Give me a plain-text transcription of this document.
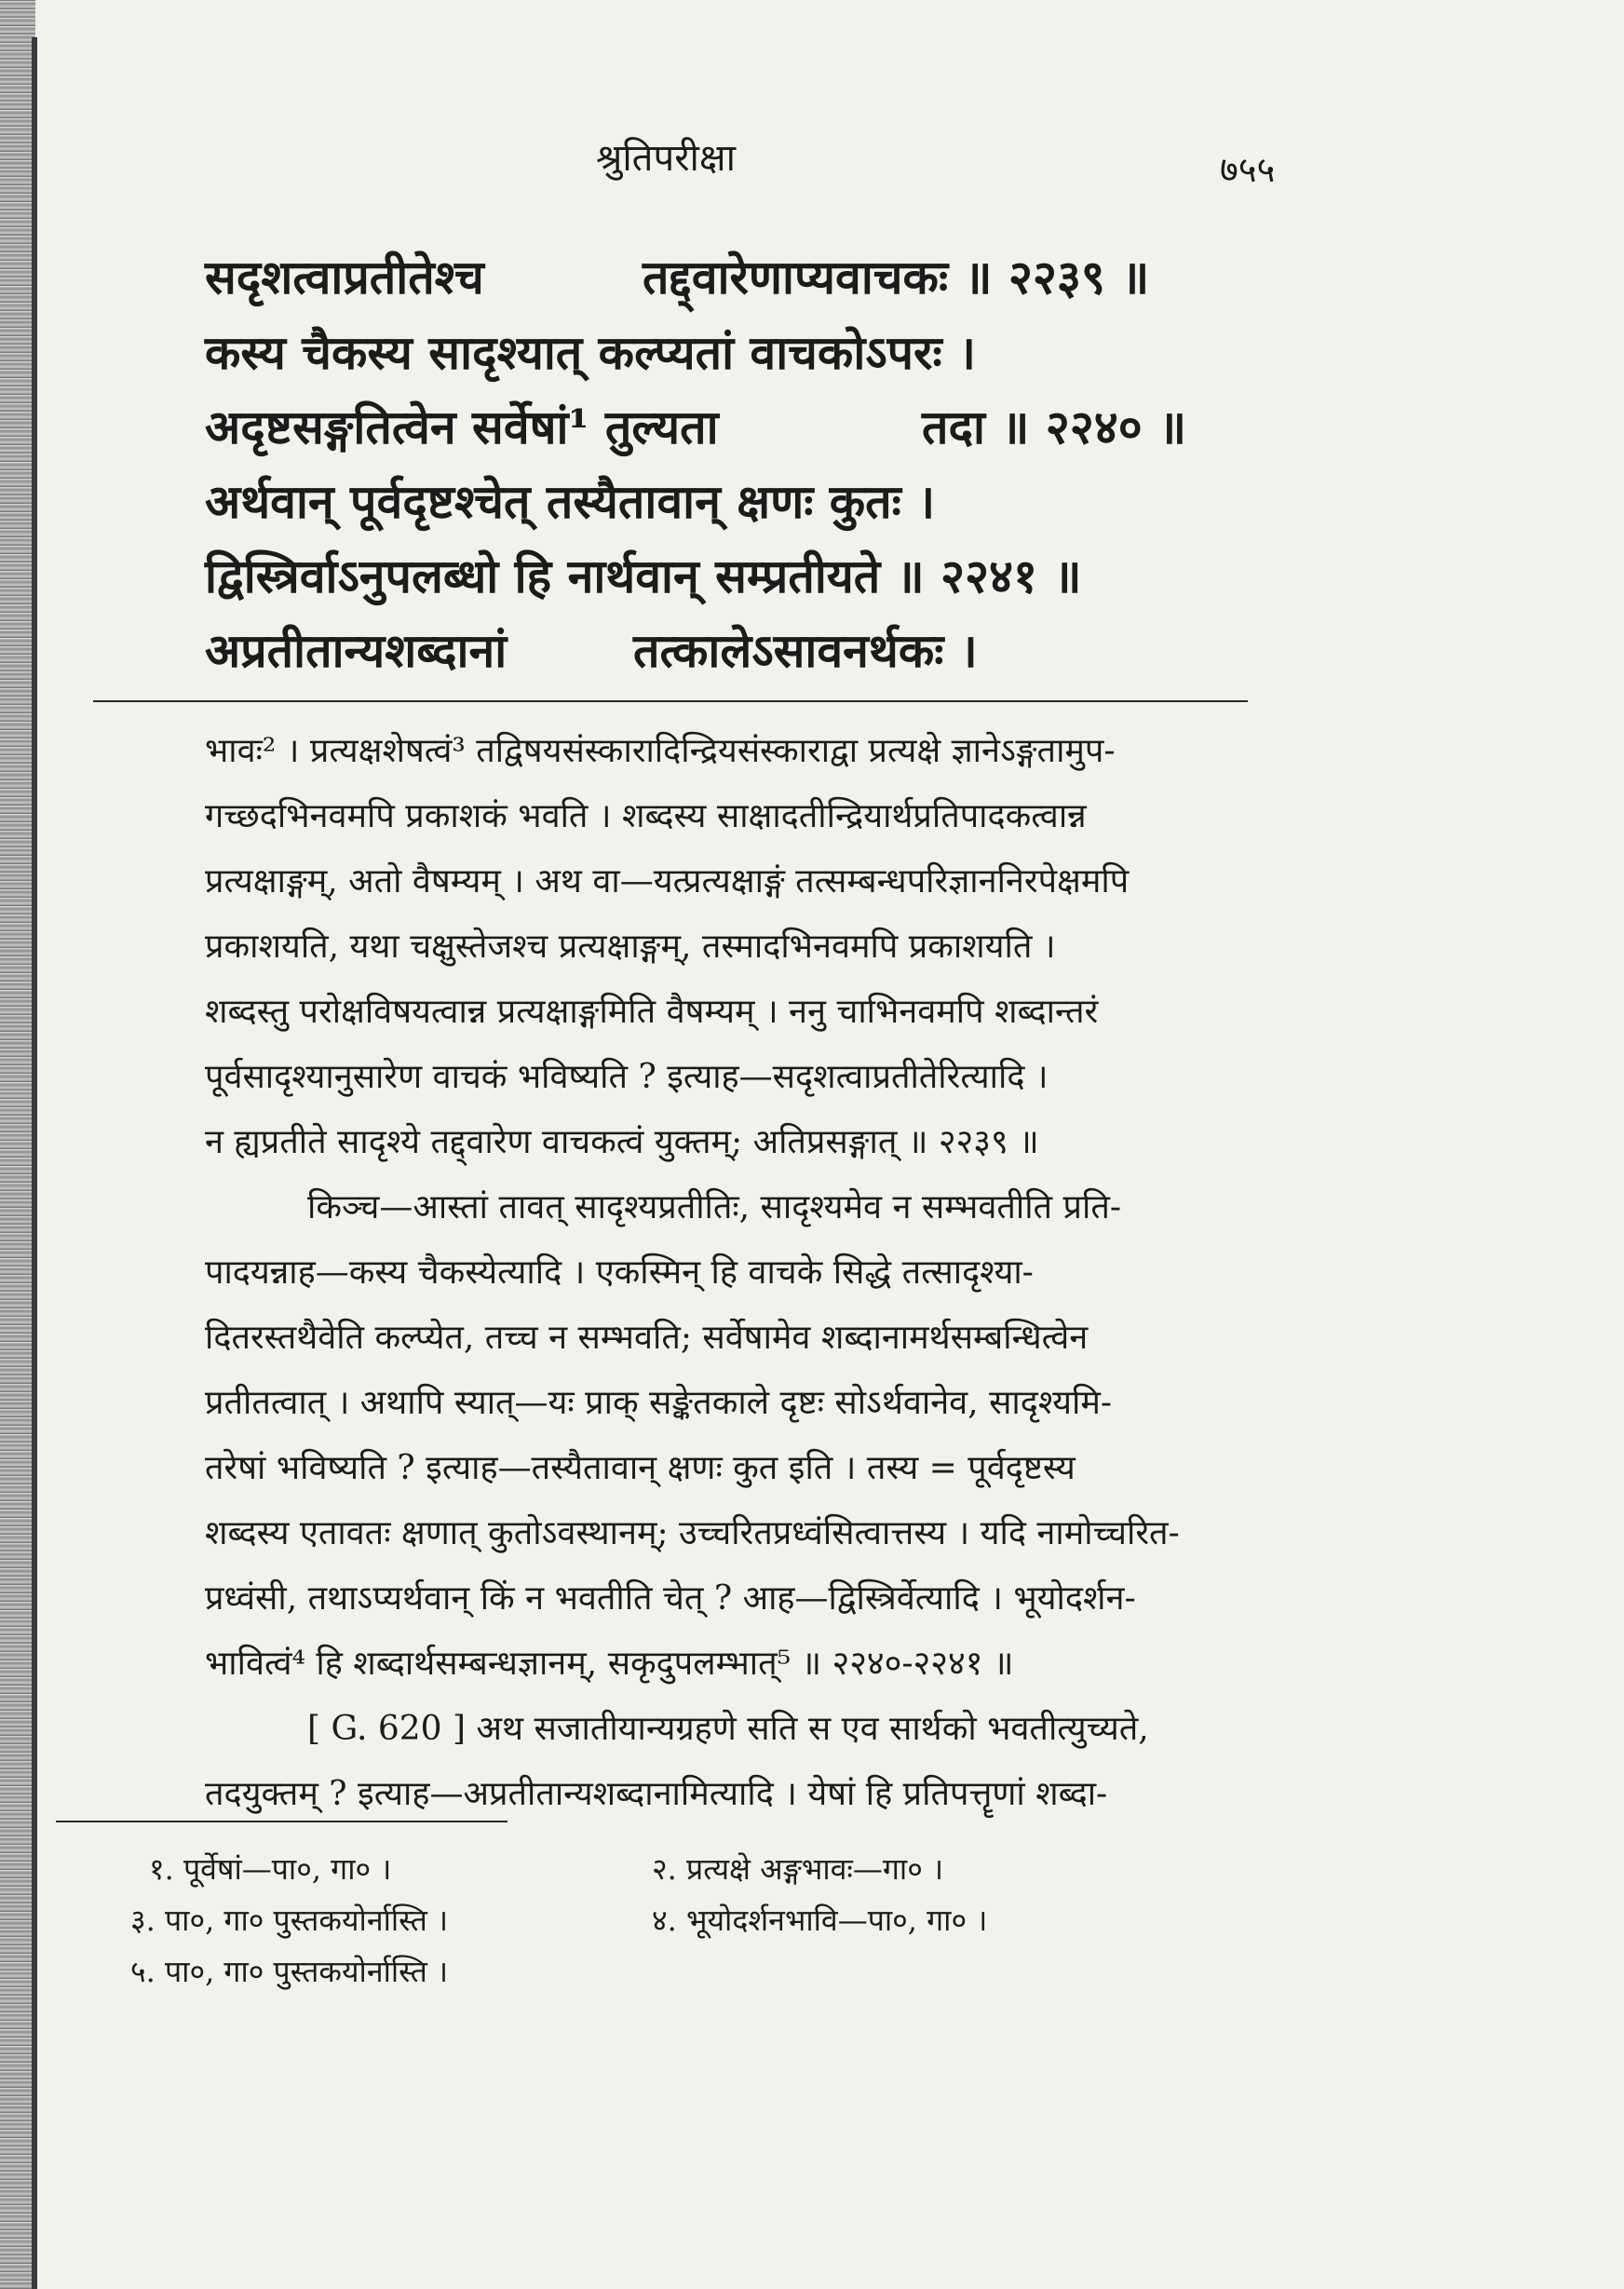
श्रुतिपरीक्षा	७५५
सदृशत्वाप्रतीतेश्च	तद्द्वारेणाप्यवाचकः ॥ २२३९ ॥
कस्य चैकस्य सादृश्यात् कल्प्यतां वाचकोऽपरः ।
अदृष्टसङ्गतित्वेन सर्वेषां¹ तुल्यता	तदा ॥ २२४० ॥
अर्थवान् पूर्वदृष्टश्चेत् तस्यैतावान् क्षणः कुतः ।
द्विस्त्रिर्वाऽनुपलब्धो हि नार्थवान् सम्प्रतीयते ॥ २२४१ ॥
अप्रतीतान्यशब्दानां	तत्कालेऽसावनर्थकः ।
भावः² । प्रत्यक्षशेषत्वं³ तद्विषयसंस्कारादिन्द्रियसंस्काराद्वा प्रत्यक्षे ज्ञानेऽङ्गतामुप-
गच्छदभिनवमपि प्रकाशकं भवति । शब्दस्य साक्षादतीन्द्रियार्थप्रतिपादकत्वान्न
प्रत्यक्षाङ्गम्, अतो वैषम्यम् । अथ वा—यत्प्रत्यक्षाङ्गं तत्सम्बन्धपरिज्ञाननिरपेक्षमपि
प्रकाशयति, यथा चक्षुस्तेजश्च प्रत्यक्षाङ्गम्, तस्मादभिनवमपि प्रकाशयति ।
शब्दस्तु परोक्षविषयत्वान्न प्रत्यक्षाङ्गमिति वैषम्यम् । ननु चाभिनवमपि शब्दान्तरं
पूर्वसादृश्यानुसारेण वाचकं भविष्यति ? इत्याह—सदृशत्वाप्रतीतेरित्यादि ।
न ह्यप्रतीते सादृश्ये तद्द्वारेण वाचकत्वं युक्तम्; अतिप्रसङ्गात् ॥ २२३९ ॥
किञ्च—आस्तां तावत् सादृश्यप्रतीतिः, सादृश्यमेव न सम्भवतीति प्रति-
पादयन्नाह—कस्य चैकस्येत्यादि । एकस्मिन् हि वाचके सिद्धे तत्सादृश्या-
दितरस्तथैवेति कल्प्येत, तच्च न सम्भवति; सर्वेषामेव शब्दानामर्थसम्बन्धित्वेन
प्रतीतत्वात् । अथापि स्यात्—यः प्राक् सङ्केतकाले दृष्टः सोऽर्थवानेव, सादृश्यमि-
तरेषां भविष्यति ? इत्याह—तस्यैतावान् क्षणः कुत इति । तस्य = पूर्वदृष्टस्य
शब्दस्य एतावतः क्षणात् कुतोऽवस्थानम्; उच्चरितप्रध्वंसित्वात्तस्य । यदि नामोच्चरित-
प्रध्वंसी, तथाऽप्यर्थवान् किं न भवतीति चेत् ? आह—द्विस्त्रिर्वेत्यादि । भूयोदर्शन-
भावित्वं⁴ हि शब्दार्थसम्बन्धज्ञानम्, सकृदुपलम्भात्⁵ ॥ २२४०-२२४१ ॥
[ G. 620 ] अथ सजातीयान्यग्रहणे सति स एव सार्थको भवतीत्युच्यते,
तदयुक्तम् ? इत्याह—अप्रतीतान्यशब्दानामित्यादि । येषां हि प्रतिपत्तॄणां शब्दा-
१. पूर्वेषां—पा०, गा० ।	२. प्रत्यक्षे अङ्गभावः—गा० ।
३. पा०, गा० पुस्तकयोर्नास्ति ।	४. भूयोदर्शनभावि—पा०, गा० ।
५. पा०, गा० पुस्तकयोर्नास्ति ।
